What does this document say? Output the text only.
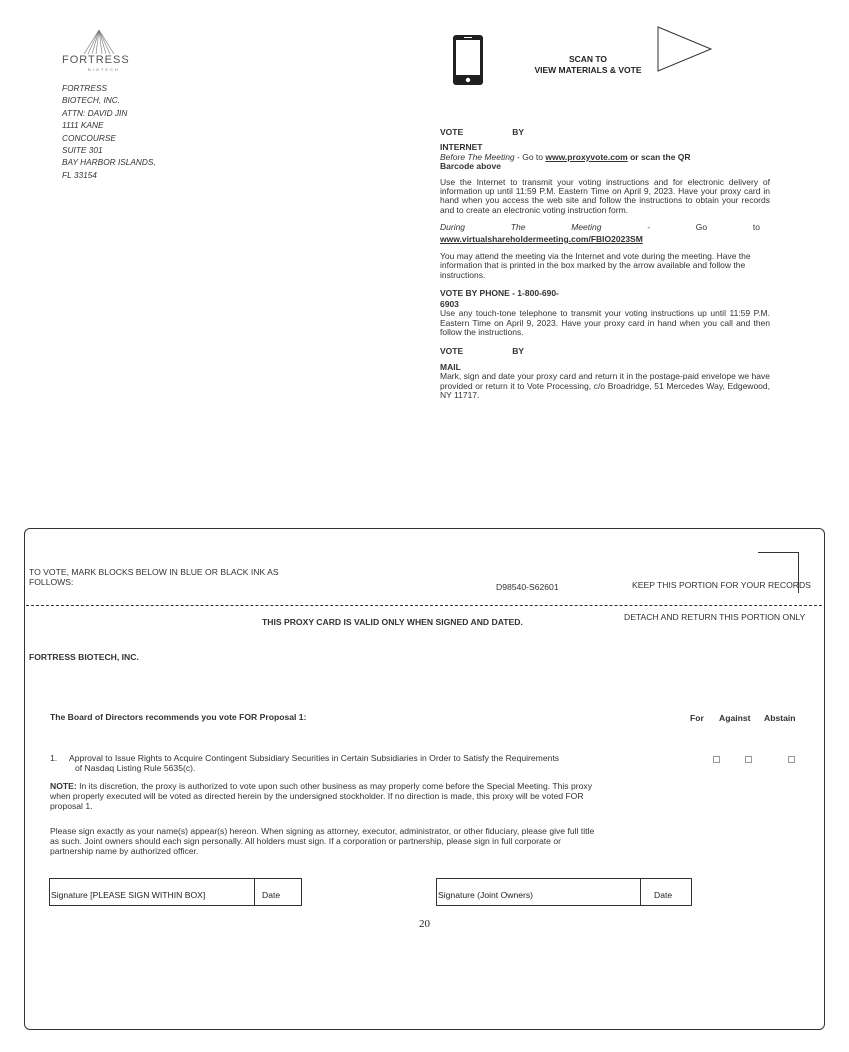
FORTRESS
BIOTECH
FORTRESS
BIOTECH, INC.
ATTN: DAVID JIN
1111 KANE
CONCOURSE
SUITE 301
BAY HARBOR ISLANDS,
FL 33154
SCAN TO
VIEW MATERIALS & VOTE
VOTE	BY
INTERNET

Before The Meeting - Go to www.proxyvote.com or scan the QR

Barcode above

Use the Internet to transmit your voting instructions and for electronic delivery of information up until 11:59 P.M. Eastern Time on April 9, 2023. Have your proxy card in hand when you access the web site and follow the instructions to obtain your records and to create an electronic voting instruction form.

During	The	Meeting	-	Go	to

www.virtualshareholdermeeting.com/FBIO2023SM

You may attend the meeting via the Internet and vote during the meeting. Have the information that is printed in the box marked by the arrow available and follow the instructions.

VOTE BY PHONE - 1-800-690-

6903

Use any touch-tone telephone to transmit your voting instructions up until 11:59 P.M. Eastern Time on April 9, 2023. Have your proxy card in hand when you call and then follow the instructions.

VOTE	BY

MAIL

Mark, sign and date your proxy card and return it in the postage-paid envelope we have provided or return it to Vote Processing, c/o Broadridge, 51 Mercedes Way, Edgewood, NY 11717.

TO VOTE, MARK BLOCKS BELOW IN BLUE OR BLACK INK AS
FOLLOWS:	D98540-S62601	KEEP THIS PORTION FOR YOUR RECORDS
THIS PROXY CARD IS VALID ONLY WHEN SIGNED AND DATED.	DETACH AND RETURN THIS PORTION ONLY
FORTRESS BIOTECH, INC.
The Board of Directors recommends you vote FOR Proposal 1:	For Against Abstain
1. Approval to Issue Rights to Acquire Contingent Subsidiary Securities in Certain Subsidiaries in Order to Satisfy the Requirements
of Nasdaq Listing Rule 5635(c).
NOTE: In its discretion, the proxy is authorized to vote upon such other business as may properly come before the Special Meeting. This proxy
when properly executed will be voted as directed herein by the undersigned stockholder. If no direction is made, this proxy will be voted FOR
proposal 1.
Please sign exactly as your name(s) appear(s) hereon. When signing as attorney, executor, administrator, or other fiduciary, please give full title
as such. Joint owners should each sign personally. All holders must sign. If a corporation or partnership, please sign in full corporate or
partnership name by authorized officer.
Signature [PLEASE SIGN WITHIN BOX]	Date	Signature (Joint Owners)	Date
20
